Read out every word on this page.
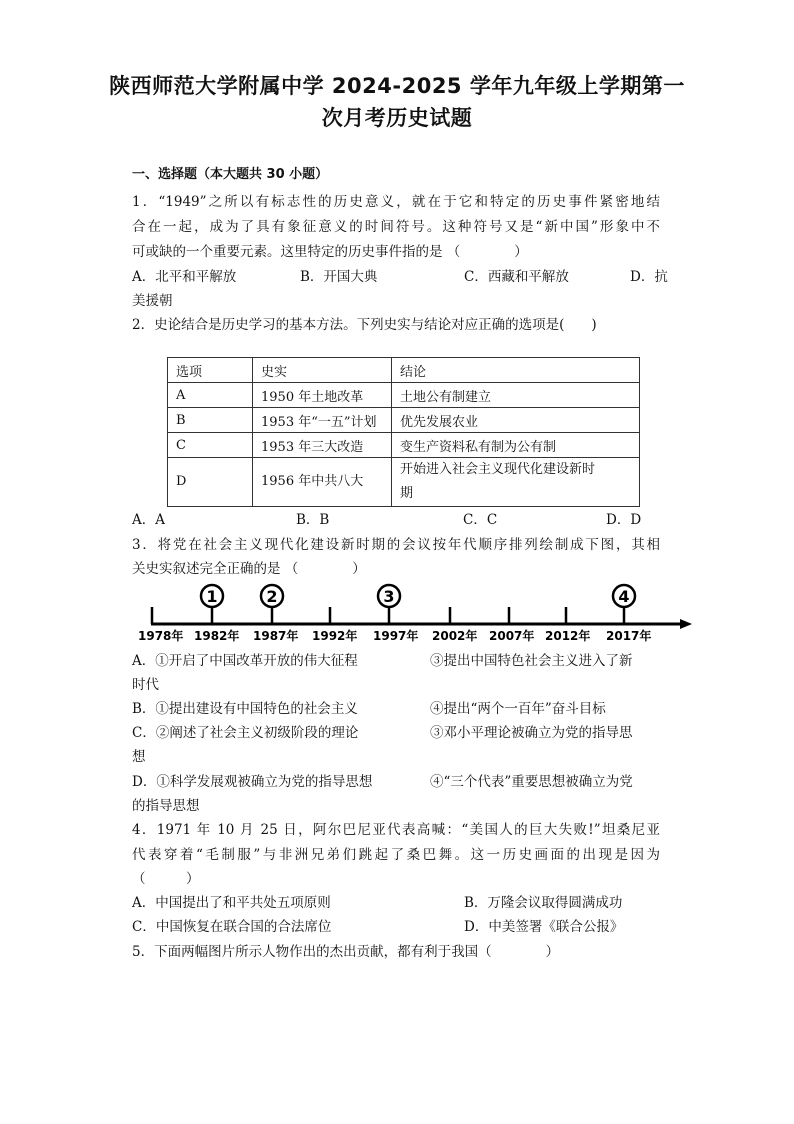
陕西师范大学附属中学 2024-2025 学年九年级上学期第一
次月考历史试题
一、选择题（本大题共 30 小题）
1．“1949”之所以有标志性的历史意义，就在于它和特定的历史事件紧密地结
合在一起，成为了具有象征意义的时间符号。这种符号又是“新中国”形象中不
可或缺的一个重要元素。这里特定的历史事件指的是 （　　　　）
A．北平和平解放	B．开国大典	C．西藏和平解放	D．抗
美援朝
2．史论结合是历史学习的基本方法。下列史实与结论对应正确的选项是(　　)
选项	史实	结论
A	1950 年土地改革	土地公有制建立
B	1953 年“一五”计划	优先发展农业
C	1953 年三大改造	变生产资料私有制为公有制
D	1956 年中共八大	开始进入社会主义现代化建设新时
期
A．A	B．B	C．C	D．D
3．将党在社会主义现代化建设新时期的会议按年代顺序排列绘制成下图，其相
关史实叙述完全正确的是 （　　　　）
1	2	3	4
1978年 1982年 1987年 1992年 1997年 2002年 2007年 2012年 2017年
A．①开启了中国改革开放的伟大征程	③提出中国特色社会主义进入了新
时代
B．①提出建设有中国特色的社会主义	④提出“两个一百年”奋斗目标
C．②阐述了社会主义初级阶段的理论	③邓小平理论被确立为党的指导思
想
D．①科学发展观被确立为党的指导思想	④“三个代表”重要思想被确立为党
的指导思想
4．1971 年 10 月 25 日，阿尔巴尼亚代表高喊：“美国人的巨大失败!”坦桑尼亚
代表穿着“毛制服”与非洲兄弟们跳起了桑巴舞。这一历史画面的出现是因为
（　　　）
A．中国提出了和平共处五项原则	B．万隆会议取得圆满成功
C．中国恢复在联合国的合法席位	D．中美签署《联合公报》
5．下面两幅图片所示人物作出的杰出贡献，都有利于我国（　　　　）
